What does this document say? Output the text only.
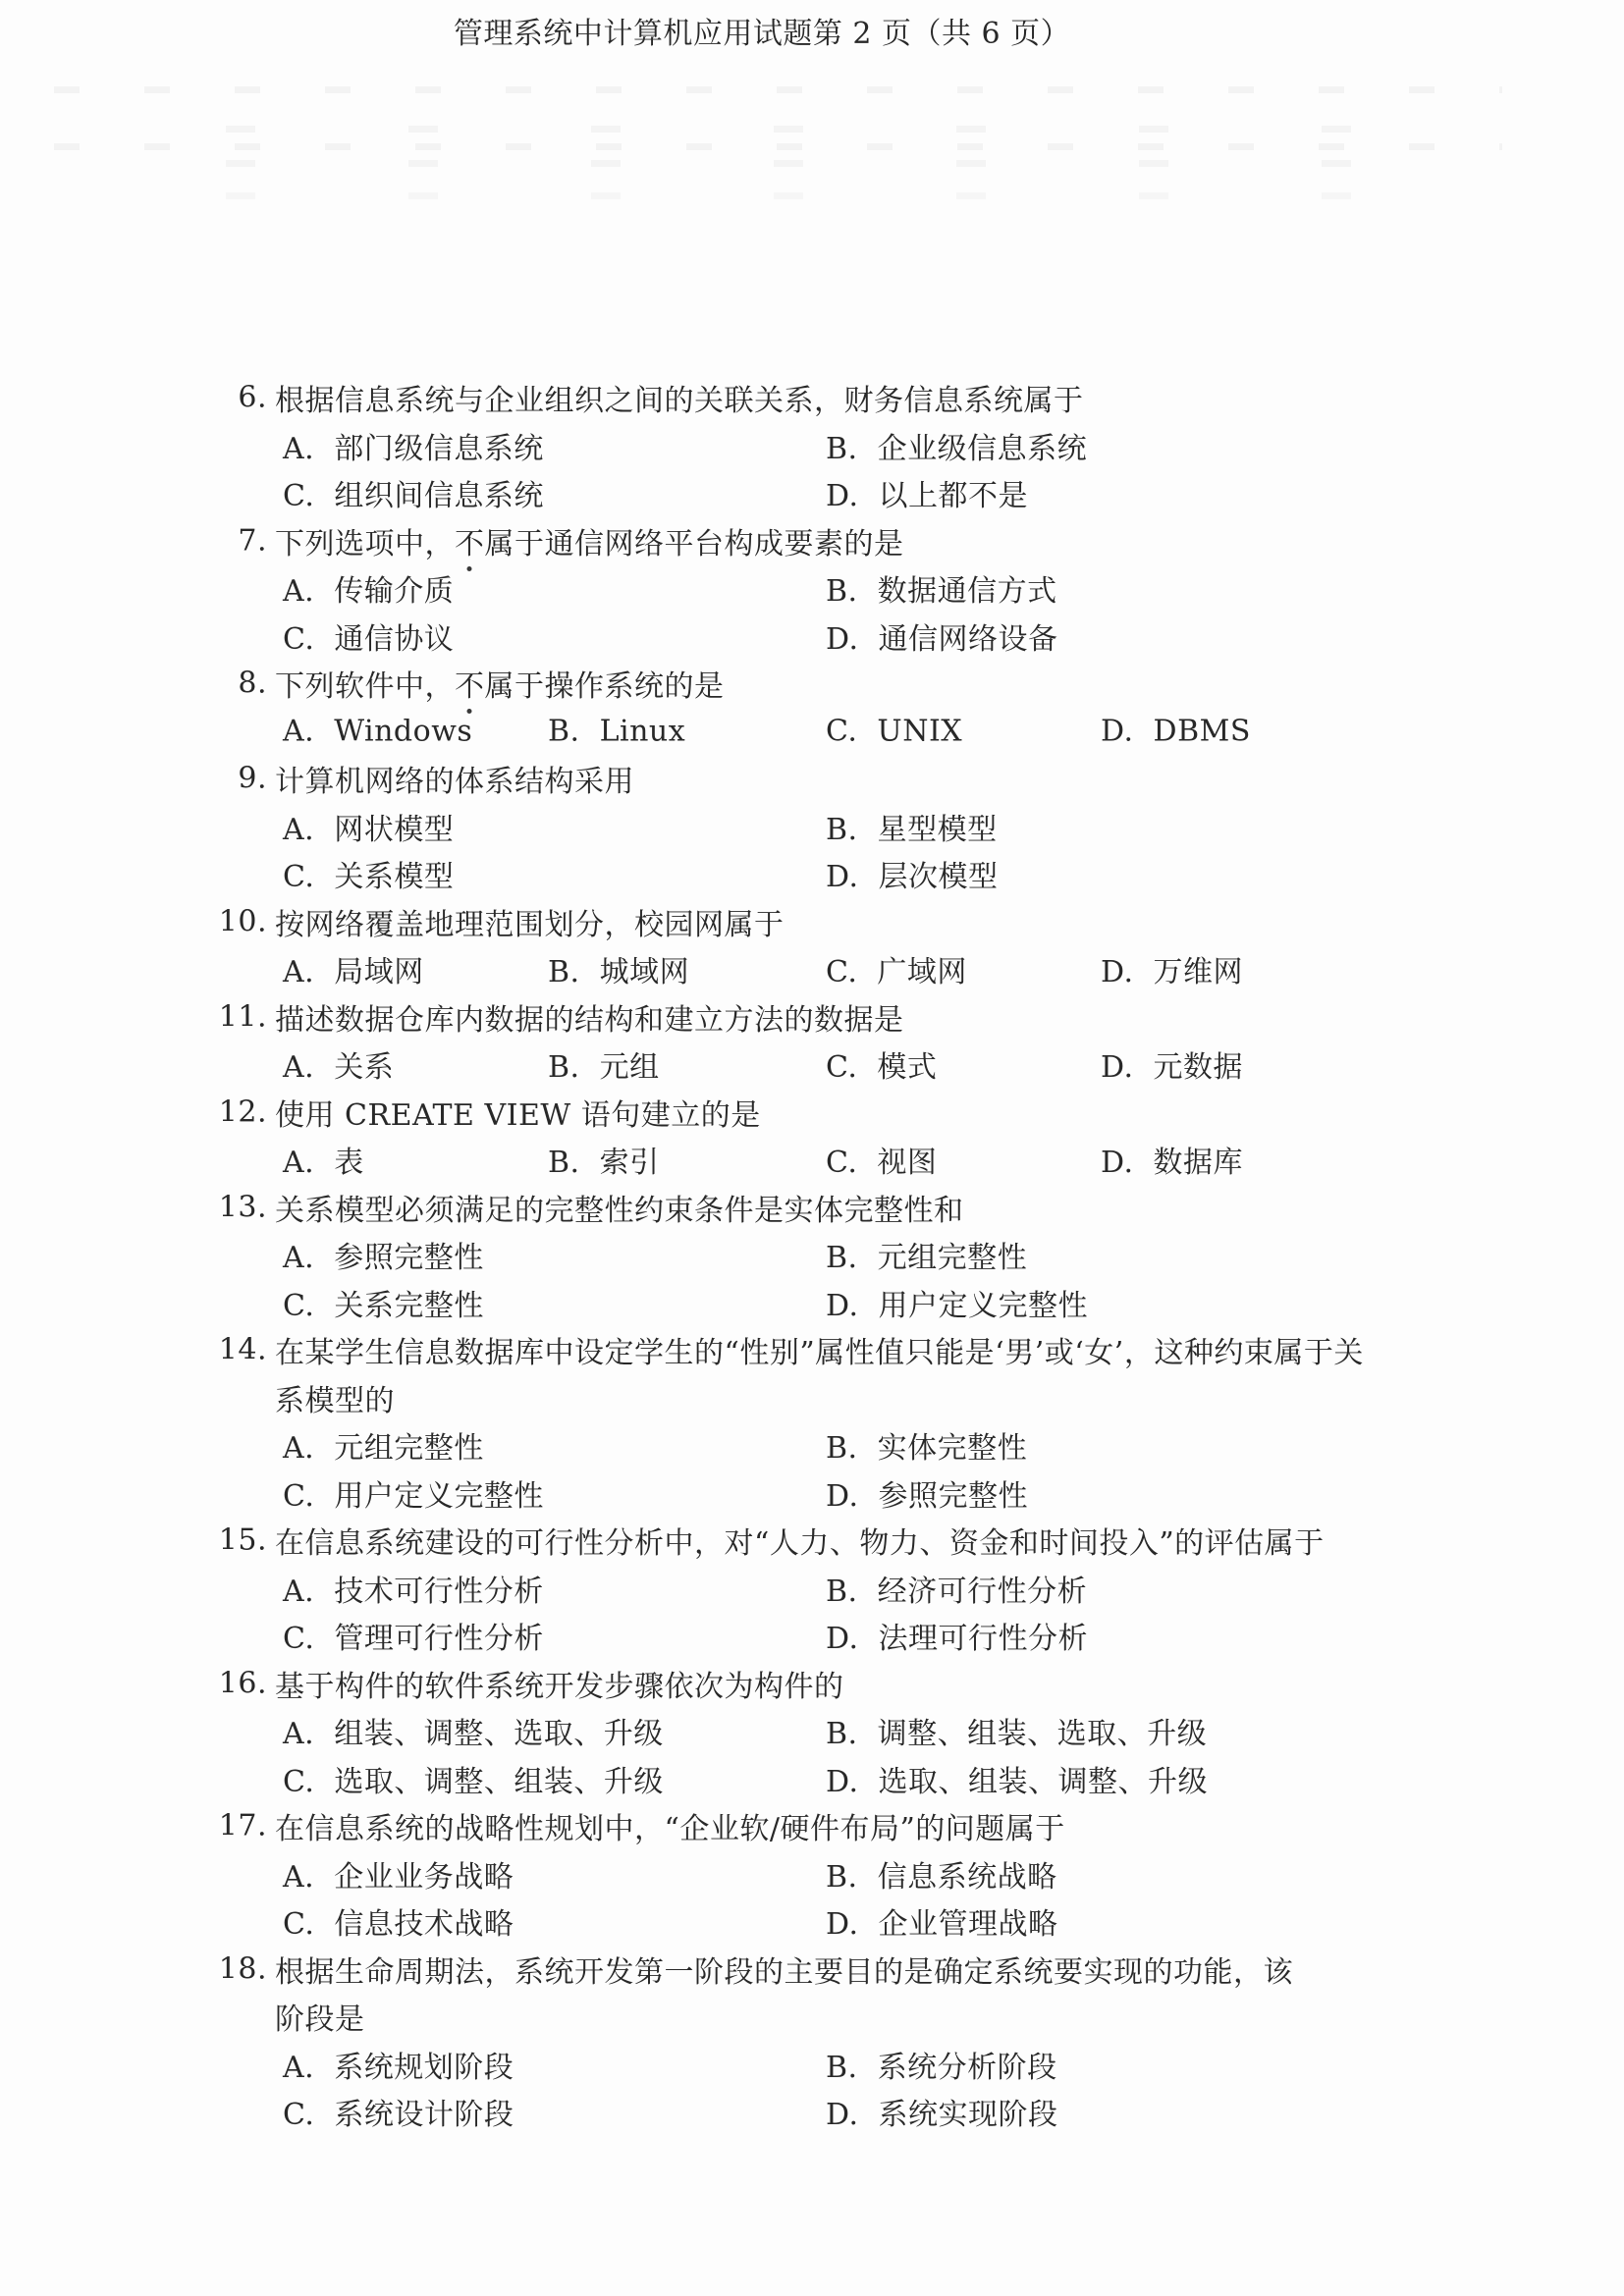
6. 根据信息系统与企业组织之间的关联关系，财务信息系统属于
A. 部门级信息系统	B. 企业级信息系统
C. 组织间信息系统	D. 以上都不是
7. 下列选项中，不属于通信网络平台构成要素的是
A. 传输介质	B. 数据通信方式
C. 通信协议	D. 通信网络设备
8. 下列软件中，不属于操作系统的是
A. Windows	B. Linux	C. UNIX	D. DBMS
9. 计算机网络的体系结构采用
A. 网状模型	B. 星型模型
C. 关系模型	D. 层次模型
10. 按网络覆盖地理范围划分，校园网属于
A. 局域网	B. 城域网	C. 广域网	D. 万维网
11. 描述数据仓库内数据的结构和建立方法的数据是
A. 关系	B. 元组	C. 模式	D. 元数据
12. 使用 CREATE VIEW 语句建立的是
A. 表	B. 索引	C. 视图	D. 数据库
13. 关系模型必须满足的完整性约束条件是实体完整性和
A. 参照完整性	B. 元组完整性
C. 关系完整性	D. 用户定义完整性
14. 在某学生信息数据库中设定学生的“性别”属性值只能是‘男’或‘女’，这种约束属于关
系模型的
A. 元组完整性	B. 实体完整性
C. 用户定义完整性	D. 参照完整性
15. 在信息系统建设的可行性分析中，对“人力、物力、资金和时间投入”的评估属于
A. 技术可行性分析	B. 经济可行性分析
C. 管理可行性分析	D. 法理可行性分析
16. 基于构件的软件系统开发步骤依次为构件的
A. 组装、调整、选取、升级	B. 调整、组装、选取、升级
C. 选取、调整、组装、升级	D. 选取、组装、调整、升级
17. 在信息系统的战略性规划中，“企业软/硬件布局”的问题属于
A. 企业业务战略	B. 信息系统战略
C. 信息技术战略	D. 企业管理战略
18. 根据生命周期法，系统开发第一阶段的主要目的是确定系统要实现的功能，该
阶段是
A. 系统规划阶段	B. 系统分析阶段
C. 系统设计阶段	D. 系统实现阶段
管理系统中计算机应用试题第 2 页（共 6 页）
